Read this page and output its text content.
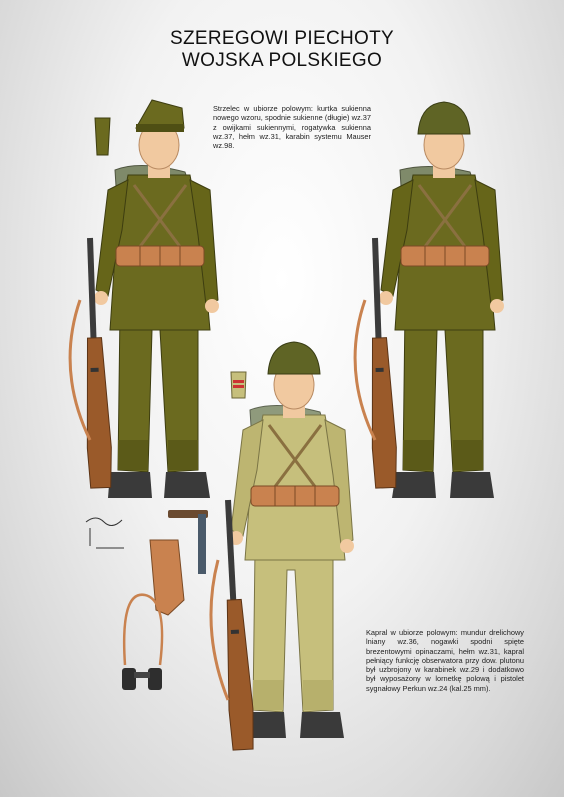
SZEREGOWI PIECHOTY
WOJSKA POLSKIEGO
Strzelec w ubiorze polowym: kurtka sukienna nowego wzoru, spodnie sukienne (długie) wz.37 z owijkami sukiennymi, rogatywka sukienna wz.37, hełm wz.31, karabin systemu Mauser wz.98.
Kapral w ubiorze polowym: mundur drelichowy lniany wz.36, nogawki spodni spięte brezentowymi opinaczami, hełm wz.31, kapral pełniący funkcję obserwatora przy dow. plutonu był uzbrojony w karabinek wz.29 i dodatkowo był wyposażony w lornetkę polową i pistolet sygnałowy Perkun wz.24 (kal.25 mm).
